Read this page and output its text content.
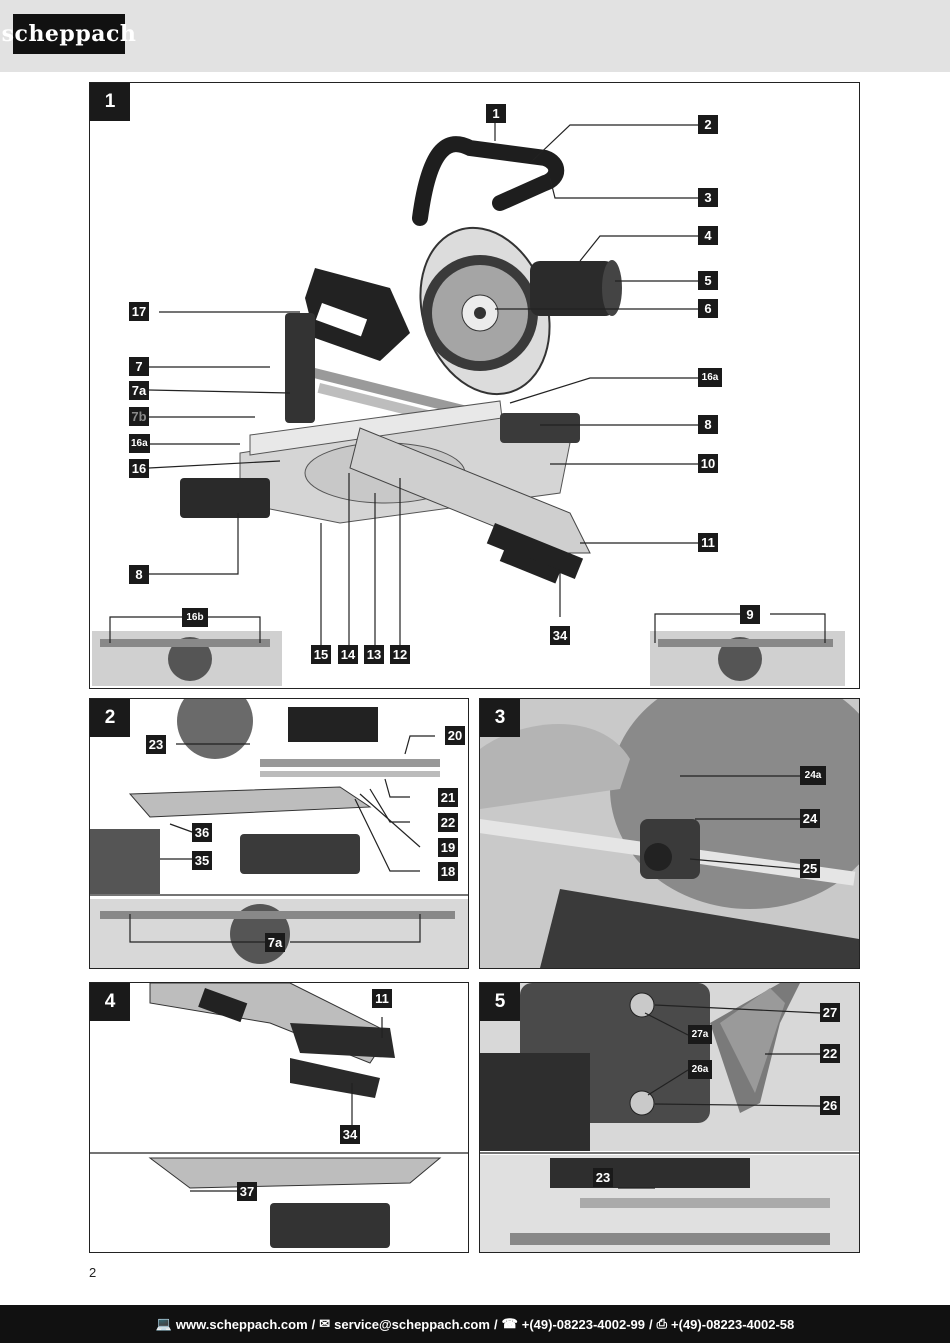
scheppach
1
1
2
3
4
5
6
16a
8
10
11
34
17
7
7a
7b
16a
16
8
15 14 13 12
16b	9
2
20
23
21
22
19
18
36
35
7a
3
24a
24
25
4	11
34
37
5
27
27a
22
26a
26
23
2
💻 www.scheppach.com / ✉ service@scheppach.com / ☎ +(49)-08223-4002-99 / ⎙ +(49)-08223-4002-58
